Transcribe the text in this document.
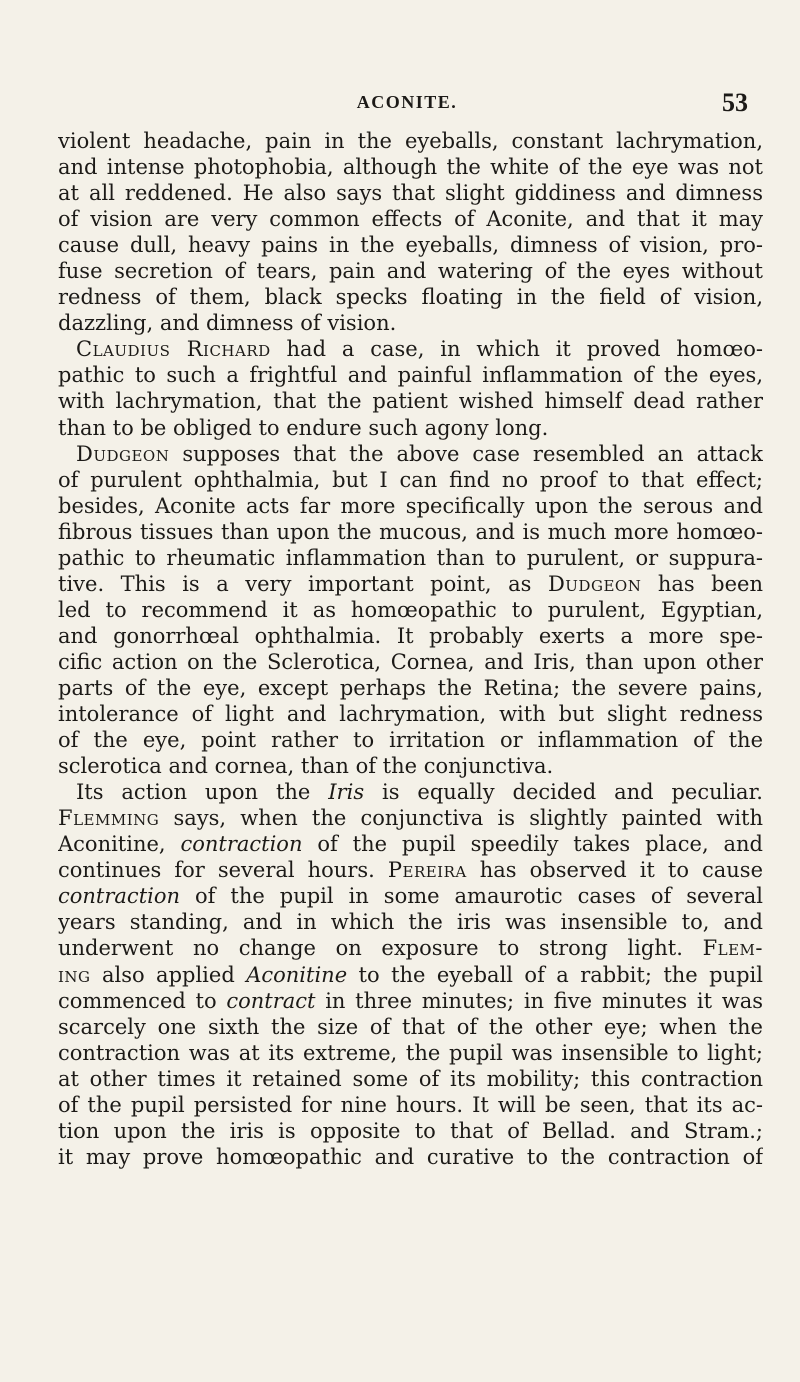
ACONITE.	53
violent headache, pain in the eyeballs, constant lachrymation,
and intense photophobia, although the white of the eye was not
at all reddened. He also says that slight giddiness and dimness
of vision are very common effects of Aconite, and that it may
cause dull, heavy pains in the eyeballs, dimness of vision, pro-
fuse secretion of tears, pain and watering of the eyes without
redness of them, black specks floating in the field of vision,
dazzling, and dimness of vision.
Claudius Richard had a case, in which it proved homœo-
pathic to such a frightful and painful inflammation of the eyes,
with lachrymation, that the patient wished himself dead rather
than to be obliged to endure such agony long.
Dudgeon supposes that the above case resembled an attack
of purulent ophthalmia, but I can find no proof to that effect;
besides, Aconite acts far more specifically upon the serous and
fibrous tissues than upon the mucous, and is much more homœo-
pathic to rheumatic inflammation than to purulent, or suppura-
tive. This is a very important point, as Dudgeon has been
led to recommend it as homœopathic to purulent, Egyptian,
and gonorrhœal ophthalmia. It probably exerts a more spe-
cific action on the Sclerotica, Cornea, and Iris, than upon other
parts of the eye, except perhaps the Retina; the severe pains,
intolerance of light and lachrymation, with but slight redness
of the eye, point rather to irritation or inflammation of the
sclerotica and cornea, than of the conjunctiva.
Its action upon the Iris is equally decided and peculiar.
Flemming says, when the conjunctiva is slightly painted with
Aconitine, contraction of the pupil speedily takes place, and
continues for several hours. Pereira has observed it to cause
contraction of the pupil in some amaurotic cases of several
years standing, and in which the iris was insensible to, and
underwent no change on exposure to strong light. Flem-
ing also applied Aconitine to the eyeball of a rabbit; the pupil
commenced to contract in three minutes; in five minutes it was
scarcely one sixth the size of that of the other eye; when the
contraction was at its extreme, the pupil was insensible to light;
at other times it retained some of its mobility; this contraction
of the pupil persisted for nine hours. It will be seen, that its ac-
tion upon the iris is opposite to that of Bellad. and Stram.;
it may prove homœopathic and curative to the contraction of
